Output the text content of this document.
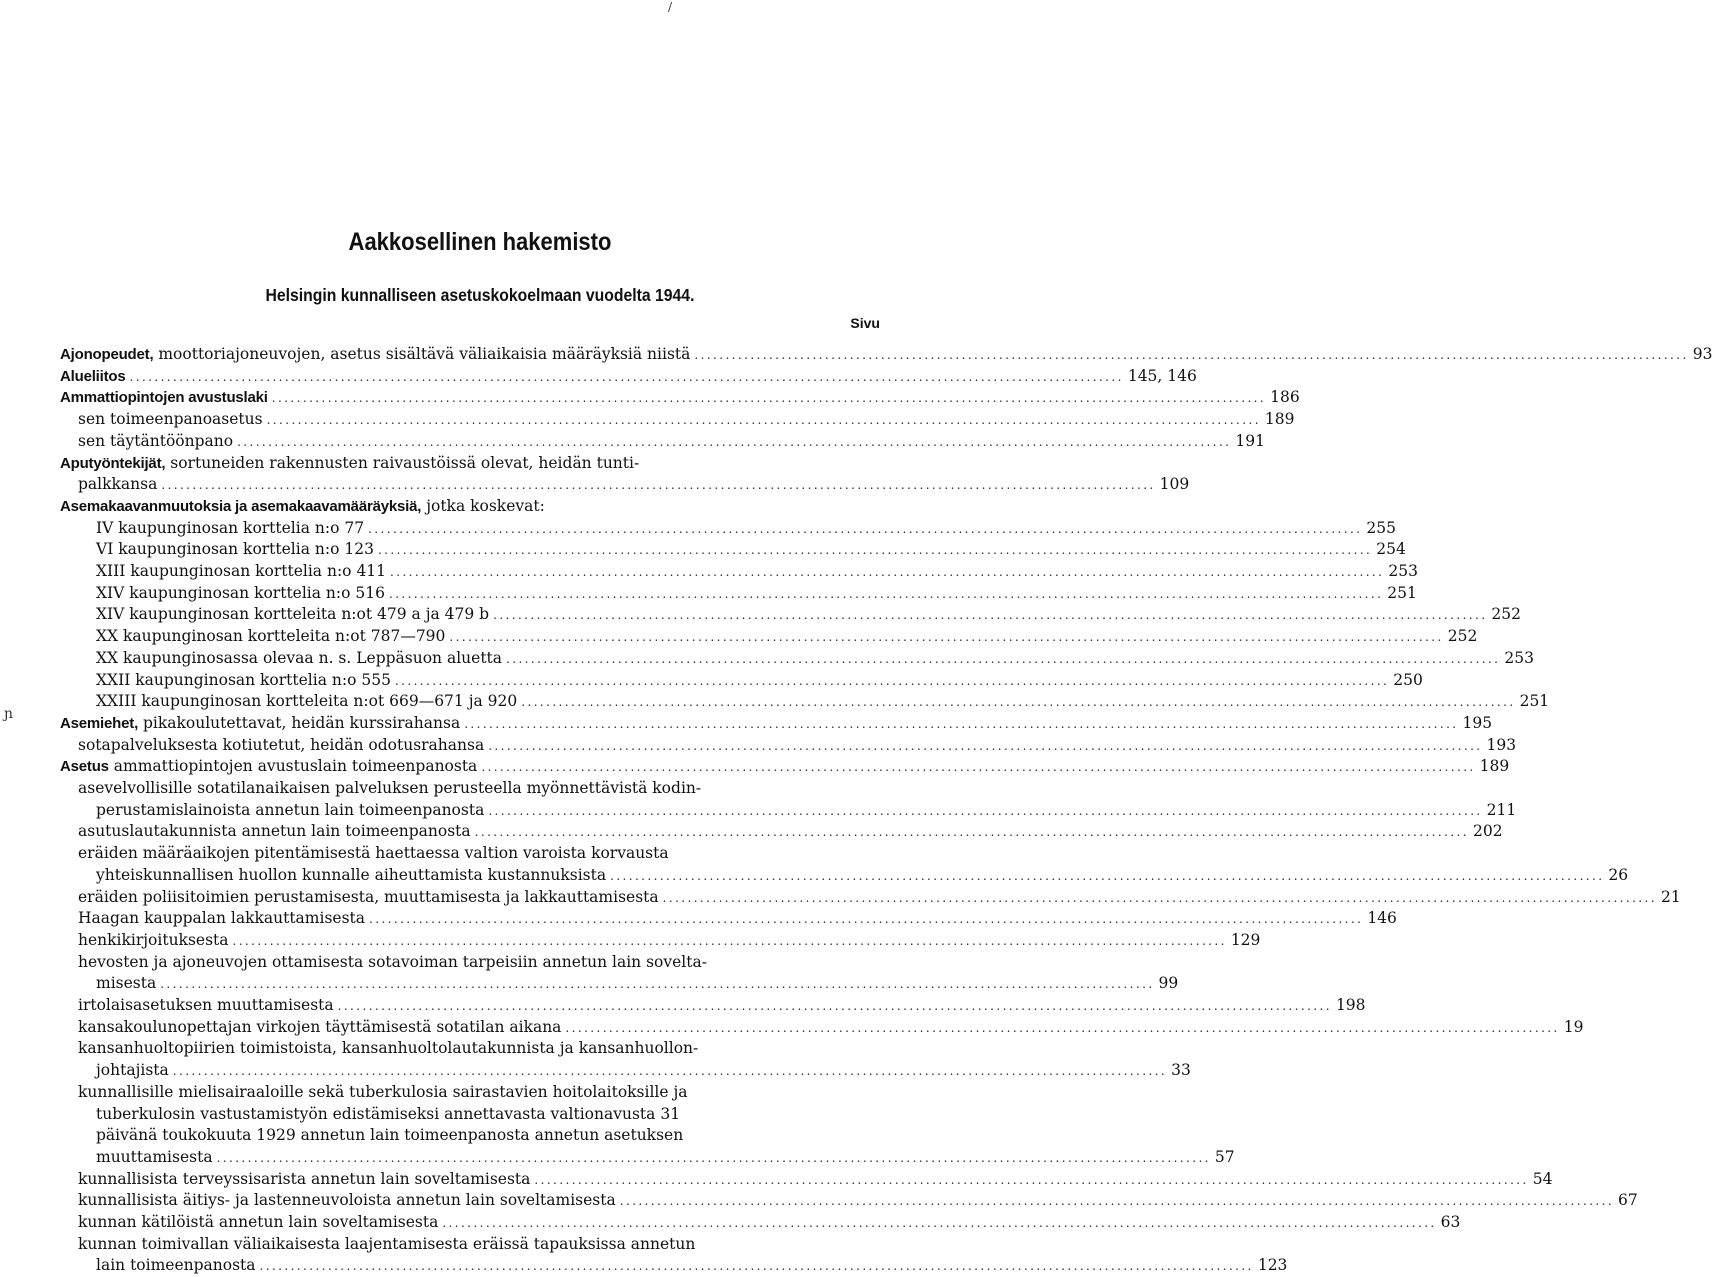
/
Aakkosellinen hakemisto
Helsingin kunnalliseen asetuskokoelmaan vuodelta 1944.
Sivu
ɲ
Ajonopeudet, moottoriajoneuvojen, asetus sisältävä väliaikaisia määräyksiä niistä ................................................................................................................................................................ 93
Alueliitos ................................................................................................................................................................ 145, 146
Ammattiopintojen avustuslaki ................................................................................................................................................................ 186
sen toimeenpanoasetus ................................................................................................................................................................ 189
sen täytäntöönpano ................................................................................................................................................................ 191
Aputyöntekijät, sortuneiden rakennusten raivaustöissä olevat, heidän tunti-
palkkansa ................................................................................................................................................................ 109
Asemakaavanmuutoksia ja asemakaavamääräyksiä, jotka koskevat:
IV kaupunginosan korttelia n:o 77 ................................................................................................................................................................ 255
VI kaupunginosan korttelia n:o 123 ................................................................................................................................................................ 254
XIII kaupunginosan korttelia n:o 411 ................................................................................................................................................................ 253
XIV kaupunginosan korttelia n:o 516 ................................................................................................................................................................ 251
XIV kaupunginosan kortteleita n:ot 479 a ja 479 b ................................................................................................................................................................ 252
XX kaupunginosan kortteleita n:ot 787—790 ................................................................................................................................................................ 252
XX kaupunginosassa olevaa n. s. Leppäsuon aluetta ................................................................................................................................................................ 253
XXII kaupunginosan korttelia n:o 555 ................................................................................................................................................................ 250
XXIII kaupunginosan kortteleita n:ot 669—671 ja 920 ................................................................................................................................................................ 251
Asemiehet, pikakoulutettavat, heidän kurssirahansa ................................................................................................................................................................ 195
sotapalveluksesta kotiutetut, heidän odotusrahansa ................................................................................................................................................................ 193
Asetus ammattiopintojen avustuslain toimeenpanosta ................................................................................................................................................................ 189
asevelvollisille sotatilanaikaisen palveluksen perusteella myönnettävistä kodin-
perustamislainoista annetun lain toimeenpanosta ................................................................................................................................................................ 211
asutuslautakunnista annetun lain toimeenpanosta ................................................................................................................................................................ 202
eräiden määräaikojen pitentämisestä haettaessa valtion varoista korvausta
yhteiskunnallisen huollon kunnalle aiheuttamista kustannuksista ................................................................................................................................................................ 26
eräiden poliisitoimien perustamisesta, muuttamisesta ja lakkauttamisesta ................................................................................................................................................................ 21
Haagan kauppalan lakkauttamisesta ................................................................................................................................................................ 146
henkikirjoituksesta ................................................................................................................................................................ 129
hevosten ja ajoneuvojen ottamisesta sotavoiman tarpeisiin annetun lain sovelta-
misesta ................................................................................................................................................................ 99
irtolaisasetuksen muuttamisesta ................................................................................................................................................................ 198
kansakoulunopettajan virkojen täyttämisestä sotatilan aikana ................................................................................................................................................................ 19
kansanhuoltopiirien toimistoista, kansanhuoltolautakunnista ja kansanhuollon-
johtajista ................................................................................................................................................................ 33
kunnallisille mielisairaaloille sekä tuberkulosia sairastavien hoitolaitoksille ja
tuberkulosin vastustamistyön edistämiseksi annettavasta valtionavusta 31
päivänä toukokuuta 1929 annetun lain toimeenpanosta annetun asetuksen
muuttamisesta ................................................................................................................................................................ 57
kunnallisista terveyssisarista annetun lain soveltamisesta ................................................................................................................................................................ 54
kunnallisista äitiys- ja lastenneuvoloista annetun lain soveltamisesta ................................................................................................................................................................ 67
kunnan kätilöistä annetun lain soveltamisesta ................................................................................................................................................................ 63
kunnan toimivallan väliaikaisesta laajentamisesta eräissä tapauksissa annetun
lain toimeenpanosta ................................................................................................................................................................ 123
